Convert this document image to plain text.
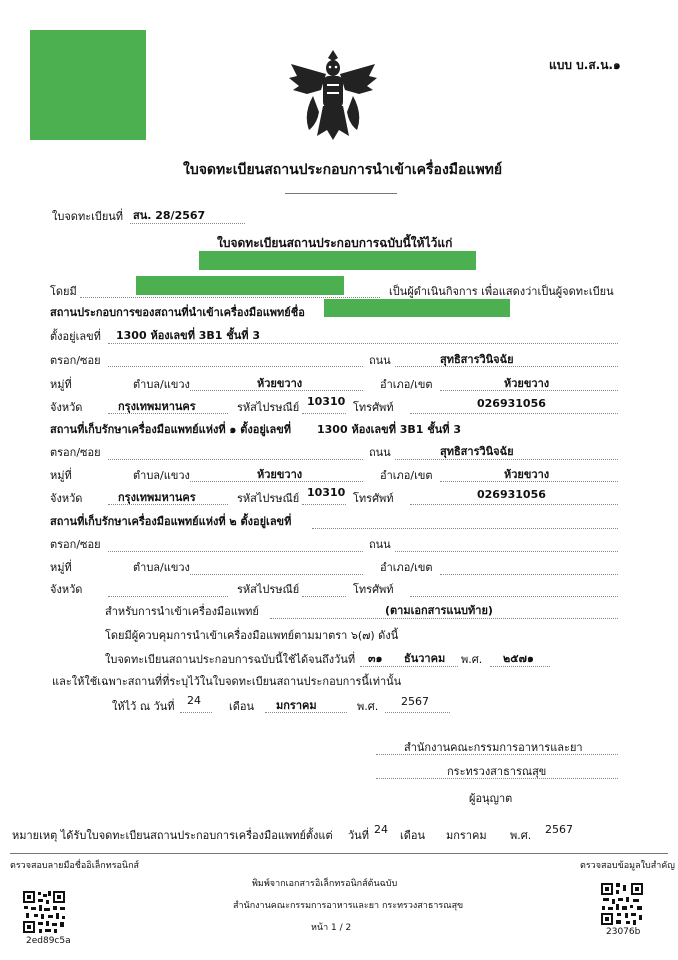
แบบ บ.ส.น.๑
ใบจดทะเบียนสถานประกอบการนำเข้าเครื่องมือแพทย์
ใบจดทะเบียนที่ สน. 28/2567
ใบจดทะเบียนสถานประกอบการฉบับนี้ให้ไว้แก่
โดยมี	เป็นผู้ดำเนินกิจการ เพื่อแสดงว่าเป็นผู้จดทะเบียน
สถานประกอบการของสถานที่นำเข้าเครื่องมือแพทย์ชื่อ
ตั้งอยู่เลขที่ 1300 ห้องเลขที่ 3B1 ชั้นที่ 3
ตรอก/ซอย	ถนน	สุทธิสารวินิจฉัย
หมู่ที่	ตำบล/แขวง	ห้วยขวาง	อำเภอ/เขต	ห้วยขวาง
จังหวัด	กรุงเทพมหานคร	รหัสไปรษณีย์ 10310 โทรศัพท์	026931056
สถานที่เก็บรักษาเครื่องมือแพทย์แห่งที่ ๑ ตั้งอยู่เลขที่ 1300 ห้องเลขที่ 3B1 ชั้นที่ 3
ตรอก/ซอย	ถนน	สุทธิสารวินิจฉัย
หมู่ที่	ตำบล/แขวง	ห้วยขวาง	อำเภอ/เขต	ห้วยขวาง
จังหวัด	กรุงเทพมหานคร	รหัสไปรษณีย์ 10310 โทรศัพท์	026931056
สถานที่เก็บรักษาเครื่องมือแพทย์แห่งที่ ๒ ตั้งอยู่เลขที่
ตรอก/ซอย	ถนน
หมู่ที่	ตำบล/แขวง	อำเภอ/เขต
จังหวัด	รหัสไปรษณีย์	โทรศัพท์
สำหรับการนำเข้าเครื่องมือแพทย์	(ตามเอกสารแนบท้าย)
โดยมีผู้ควบคุมการนำเข้าเครื่องมือแพทย์ตามมาตรา ๖(๗) ดังนี้
ใบจดทะเบียนสถานประกอบการฉบับนี้ใช้ได้จนถึงวันที่ ๓๑ ธันวาคม พ.ศ. ๒๕๗๑
และให้ใช้เฉพาะสถานที่ที่ระบุไว้ในใบจดทะเบียนสถานประกอบการนี้เท่านั้น
ให้ไว้ ณ วันที่ 24	เดือน มกราคม	พ.ศ. 2567
สำนักงานคณะกรรมการอาหารและยา
กระทรวงสาธารณสุข
ผู้อนุญาต
หมายเหตุ ได้รับใบจดทะเบียนสถานประกอบการเครื่องมือแพทย์ตั้งแต่ วันที่ 24 เดือน มกราคม พ.ศ. 2567
ตรวจสอบลายมือชื่ออิเล็กทรอนิกส์	ตรวจสอบข้อมูลใบสำคัญ
พิมพ์จากเอกสารอิเล็กทรอนิกส์ต้นฉบับ
สำนักงานคณะกรรมการอาหารและยา กระทรวงสาธารณสุข
หน้า 1 / 2
2ed89c5a
23076b
